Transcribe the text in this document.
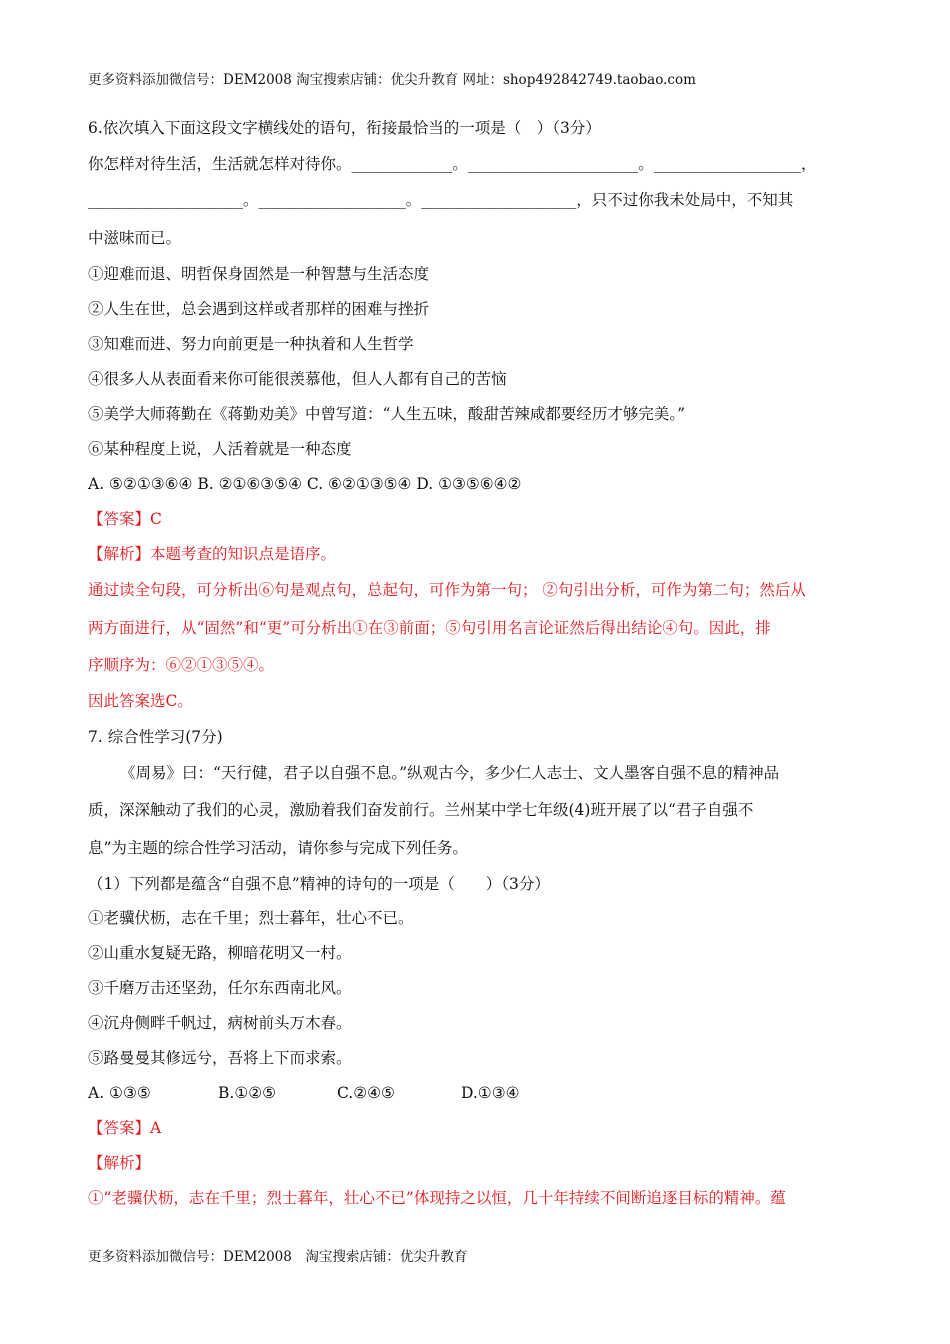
更多资料添加微信号：DEM2008 淘宝搜索店铺：优尖升教育 网址：shop492842749.taobao.com
6.依次填入下面这段文字横线处的语句，衔接最恰当的一项是（　）（3分）
你怎样对待生活，生活就怎样对待你。_____________。______________________。___________________，
____________________。___________________。____________________，只不过你我未处局中，不知其
中滋味而已。
①迎难而退、明哲保身固然是一种智慧与生活态度
②人生在世，总会遇到这样或者那样的困难与挫折
③知难而进、努力向前更是一种执着和人生哲学
④很多人从表面看来你可能很羡慕他，但人人都有自己的苦恼
⑤美学大师蒋勤在《蒋勤劝美》中曾写道：“人生五味，酸甜苦辣咸都要经历才够完美。”
⑥某种程度上说，人活着就是一种态度
A. ⑤②①③⑥④ B. ②①⑥③⑤④ C. ⑥②①③⑤④ D. ①③⑤⑥④②
【答案】C
【解析】本题考查的知识点是语序。
通过读全句段，可分析出⑥句是观点句，总起句，可作为第一句； ②句引出分析，可作为第二句；然后从
两方面进行，从“固然”和“更”可分析出①在③前面；⑤句引用名言论证然后得出结论④句。因此，排
序顺序为：⑥②①③⑤④。
因此答案选C。
7. 综合性学习(7分)
《周易》曰：“天行健，君子以自强不息。”纵观古今，多少仁人志士、文人墨客自强不息的精神品
质，深深触动了我们的心灵，激励着我们奋发前行。兰州某中学七年级(4)班开展了以“君子自强不
息”为主题的综合性学习活动，请你参与完成下列任务。
（1）下列都是蕴含“自强不息”精神的诗句的一项是（　　）（3分）
①老骥伏枥，志在千里；烈士暮年，壮心不已。
②山重水复疑无路，柳暗花明又一村。
③千磨万击还坚劲，任尔东西南北风。
④沉舟侧畔千帆过，病树前头万木春。
⑤路曼曼其修远兮，吾将上下而求索。
A. ①③⑤	B.①②⑤	C.②④⑤	D.①③④
【答案】A
【解析】
①“老骥伏枥，志在千里；烈士暮年，壮心不已”体现持之以恒，几十年持续不间断追逐目标的精神。蕴
更多资料添加微信号：DEM2008　淘宝搜索店铺：优尖升教育
